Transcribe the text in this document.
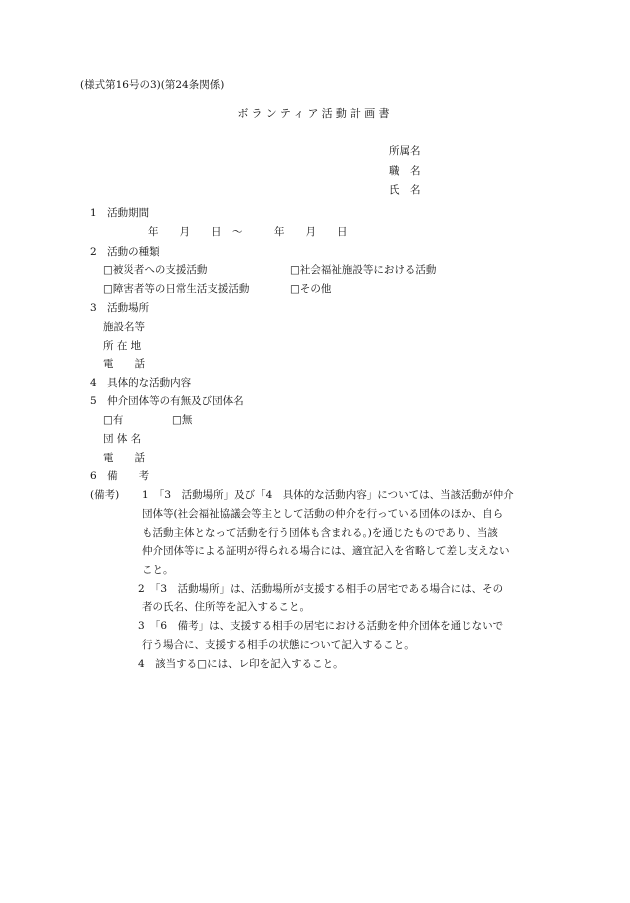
(様式第16号の3)(第24条関係)
ボランティア活動計画書
所属名
職　名
氏　名
1　活動期間
年　　月　　日　〜　　　年　　月　　日
2　活動の種類
□被災者への支援活動	□社会福祉施設等における活動
□障害者等の日常生活支援活動	□その他
3　活動場所
施設名等
所 在 地
電　　話
4　具体的な活動内容
5　仲介団体等の有無及び団体名
□有	□無
団 体 名
電　　話
6　備　　考
(備考) 1　「3　活動場所」及び「4　具体的な活動内容」については、当該活動が仲介
団体等(社会福祉協議会等主として活動の仲介を行っている団体のほか、自ら
も活動主体となって活動を行う団体も含まれる。)を通じたものであり、当該
仲介団体等による証明が得られる場合には、適宜記入を省略して差し支えない
こと。
2　「3　活動場所」は、活動場所が支援する相手の居宅である場合には、その
者の氏名、住所等を記入すること。
3　「6　備考」は、支援する相手の居宅における活動を仲介団体を通じないで
行う場合に、支援する相手の状態について記入すること。
4　該当する□には、レ印を記入すること。
